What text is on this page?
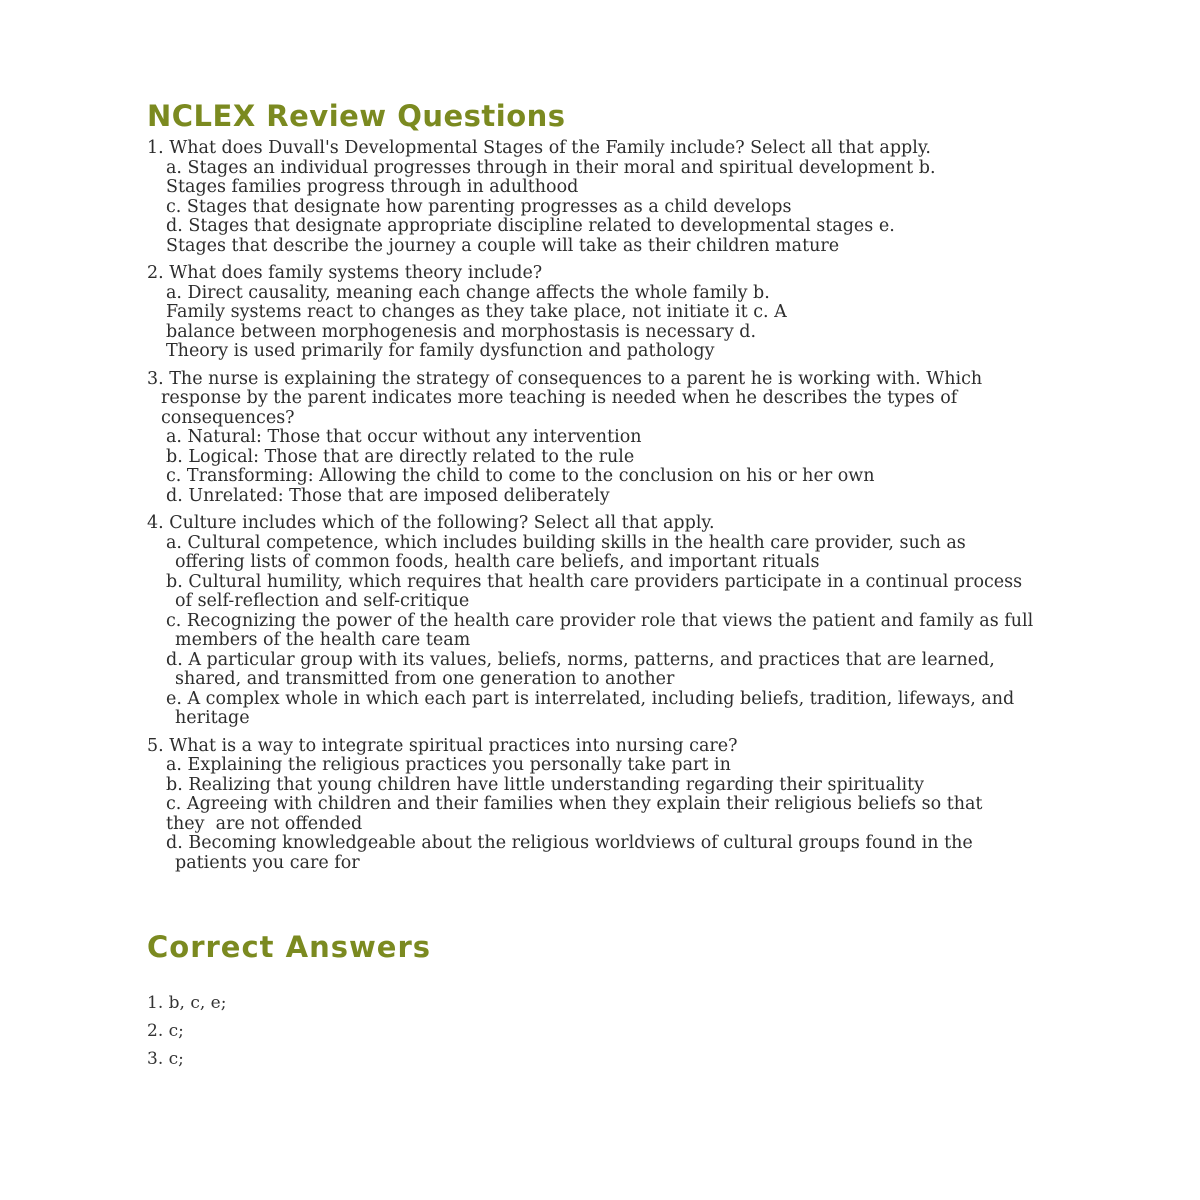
NCLEX Review Questions
1. What does Duvall's Developmental Stages of the Family include? Select all that apply.
a. Stages an individual progresses through in their moral and spiritual development b.
Stages families progress through in adulthood
c. Stages that designate how parenting progresses as a child develops
d. Stages that designate appropriate discipline related to developmental stages e.
Stages that describe the journey a couple will take as their children mature
2. What does family systems theory include?
a. Direct causality, meaning each change affects the whole family b.
Family systems react to changes as they take place, not initiate it c. A
balance between morphogenesis and morphostasis is necessary d.
Theory is used primarily for family dysfunction and pathology
3. The nurse is explaining the strategy of consequences to a parent he is working with. Which
response by the parent indicates more teaching is needed when he describes the types of
consequences?
a. Natural: Those that occur without any intervention
b. Logical: Those that are directly related to the rule
c. Transforming: Allowing the child to come to the conclusion on his or her own
d. Unrelated: Those that are imposed deliberately
4. Culture includes which of the following? Select all that apply.
a. Cultural competence, which includes building skills in the health care provider, such as
offering lists of common foods, health care beliefs, and important rituals
b. Cultural humility, which requires that health care providers participate in a continual process
of self-reflection and self-critique
c. Recognizing the power of the health care provider role that views the patient and family as full
members of the health care team
d. A particular group with its values, beliefs, norms, patterns, and practices that are learned,
shared, and transmitted from one generation to another
e. A complex whole in which each part is interrelated, including beliefs, tradition, lifeways, and
heritage
5. What is a way to integrate spiritual practices into nursing care?
a. Explaining the religious practices you personally take part in
b. Realizing that young children have little understanding regarding their spirituality
c. Agreeing with children and their families when they explain their religious beliefs so that
they  are not offended
d. Becoming knowledgeable about the religious worldviews of cultural groups found in the
patients you care for
Correct Answers
1. b, c, e;
2. c;
3. c;
